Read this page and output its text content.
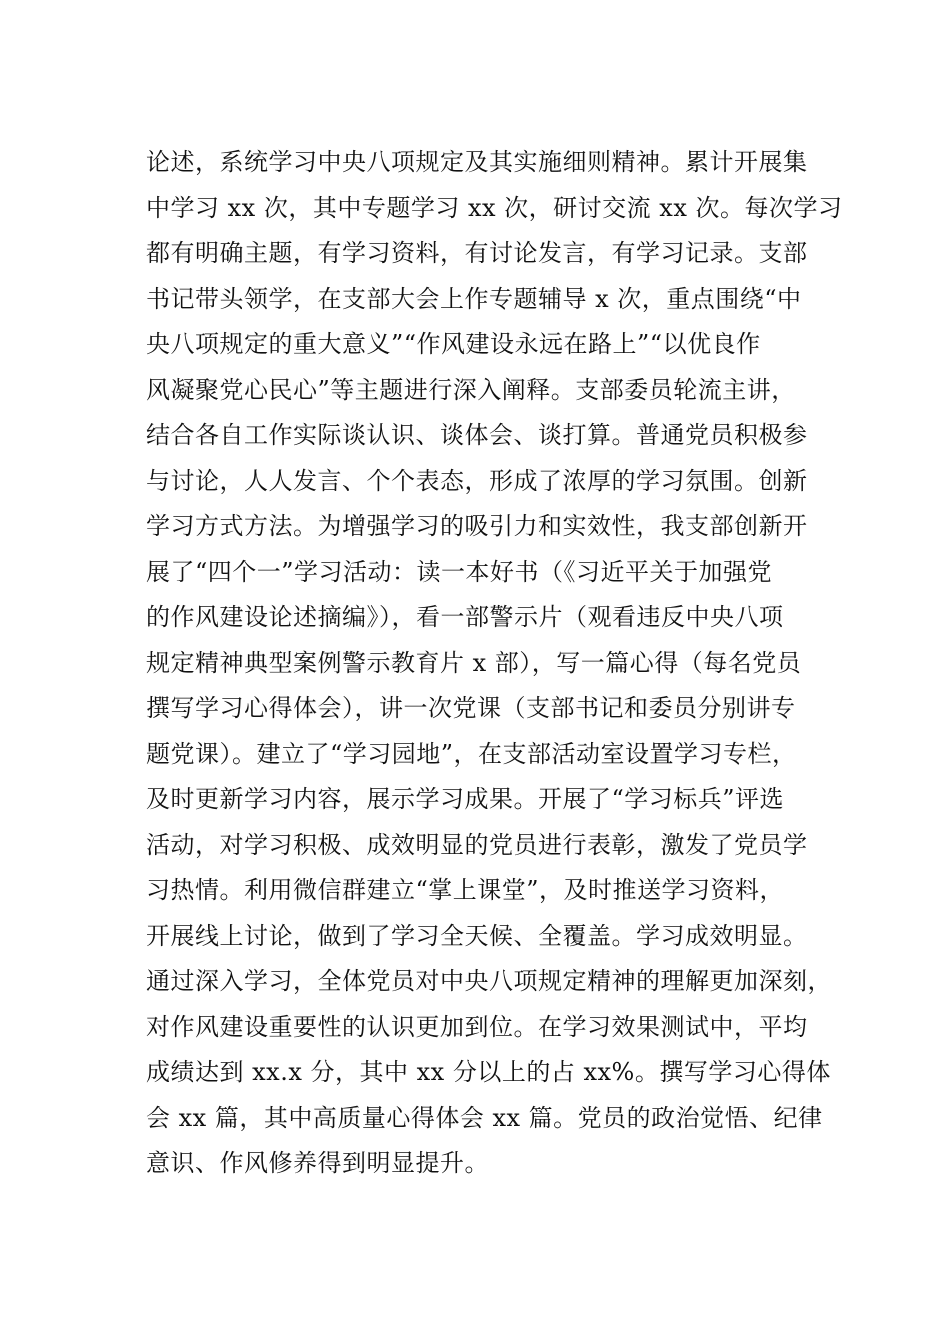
论述，系统学习中央八项规定及其实施细则精神。累计开展集
中学习 xx 次，其中专题学习 xx 次，研讨交流 xx 次。每次学习
都有明确主题，有学习资料，有讨论发言，有学习记录。支部
书记带头领学，在支部大会上作专题辅导 x 次，重点围绕“中
央八项规定的重大意义”“作风建设永远在路上”“以优良作
风凝聚党心民心”等主题进行深入阐释。支部委员轮流主讲，
结合各自工作实际谈认识、谈体会、谈打算。普通党员积极参
与讨论，人人发言、个个表态，形成了浓厚的学习氛围。创新
学习方式方法。为增强学习的吸引力和实效性，我支部创新开
展了“四个一”学习活动：读一本好书（《习近平关于加强党
的作风建设论述摘编》），看一部警示片（观看违反中央八项
规定精神典型案例警示教育片 x 部），写一篇心得（每名党员
撰写学习心得体会），讲一次党课（支部书记和委员分别讲专
题党课）。建立了“学习园地”，在支部活动室设置学习专栏，
及时更新学习内容，展示学习成果。开展了“学习标兵”评选
活动，对学习积极、成效明显的党员进行表彰，激发了党员学
习热情。利用微信群建立“掌上课堂”，及时推送学习资料，
开展线上讨论，做到了学习全天候、全覆盖。学习成效明显。
通过深入学习，全体党员对中央八项规定精神的理解更加深刻，
对作风建设重要性的认识更加到位。在学习效果测试中，平均
成绩达到 xx.x 分，其中 xx 分以上的占 xx%。撰写学习心得体
会 xx 篇，其中高质量心得体会 xx 篇。党员的政治觉悟、纪律
意识、作风修养得到明显提升。
